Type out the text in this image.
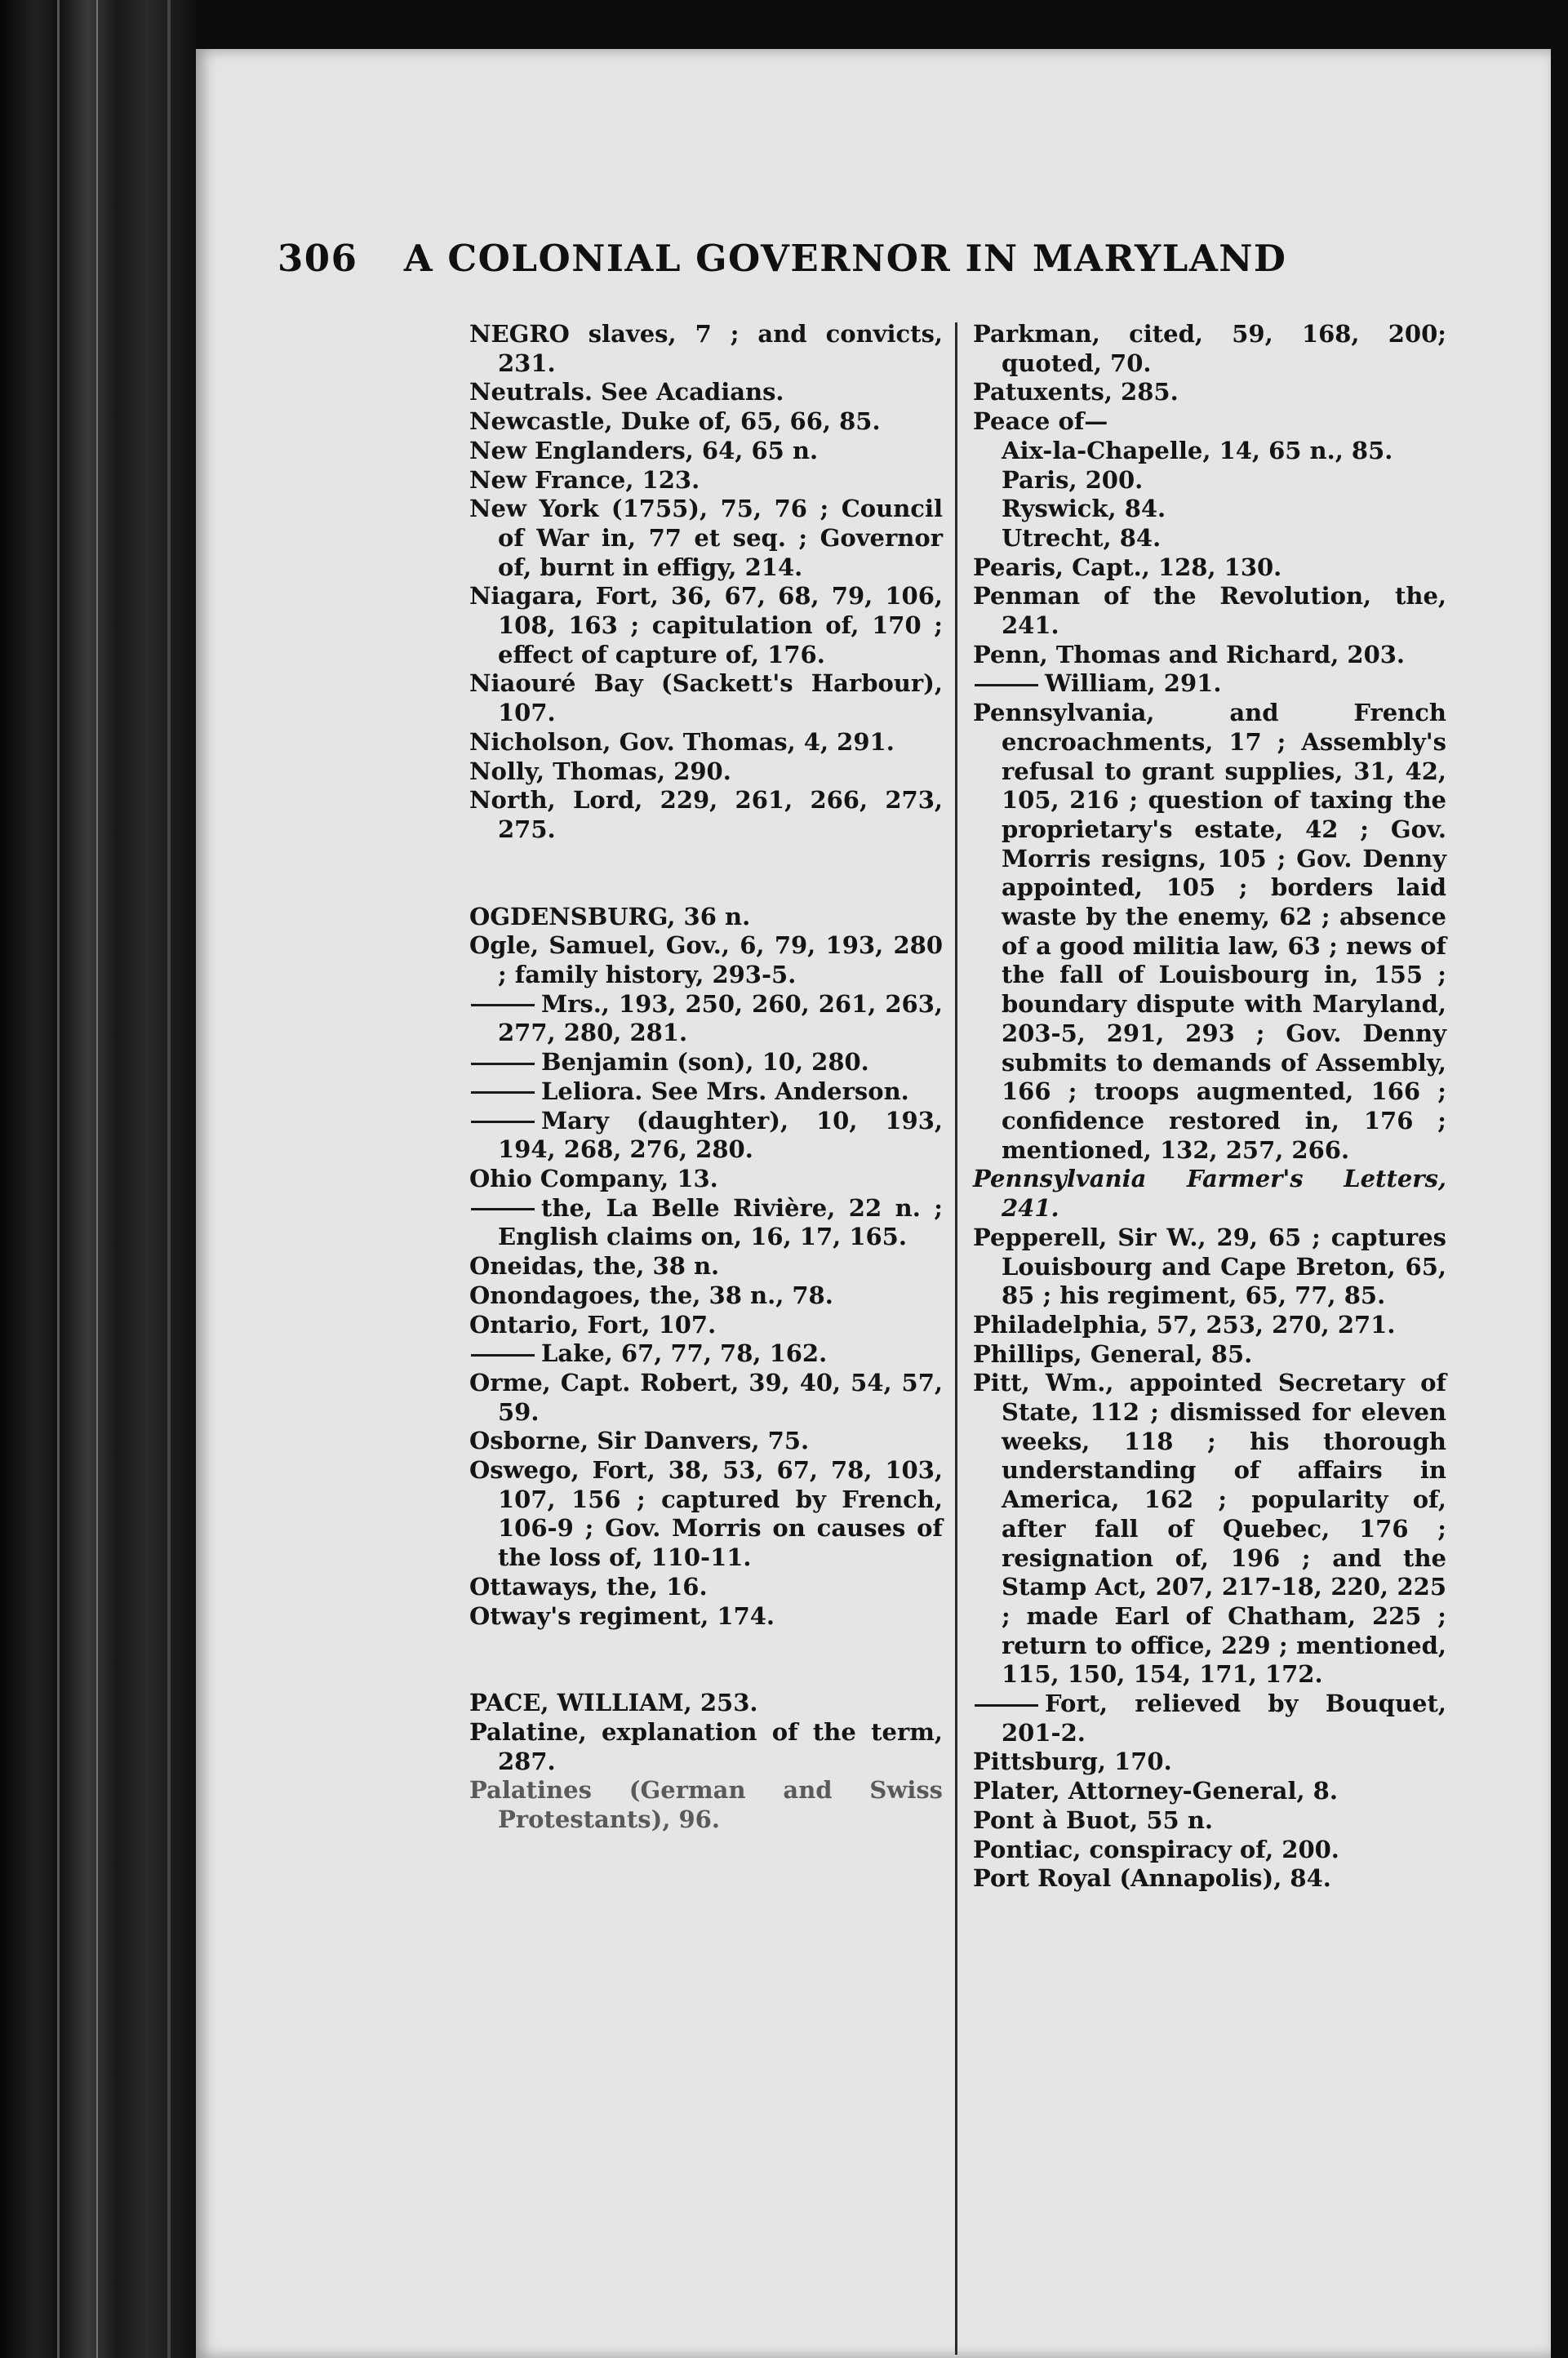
306 A COLONIAL GOVERNOR IN MARYLAND
NEGRO slaves, 7 ; and convicts, 231.
Neutrals. See Acadians.
Newcastle, Duke of, 65, 66, 85.
New Englanders, 64, 65 n.
New France, 123.
New York (1755), 75, 76 ; Council of War in, 77 et seq. ; Governor of, burnt in effigy, 214.
Niagara, Fort, 36, 67, 68, 79, 106, 108, 163 ; capitulation of, 170 ; effect of capture of, 176.
Niaouré Bay (Sackett's Harbour), 107.
Nicholson, Gov. Thomas, 4, 291.
Nolly, Thomas, 290.
North, Lord, 229, 261, 266, 273, 275.
OGDENSBURG, 36 n.
Ogle, Samuel, Gov., 6, 79, 193, 280 ; family history, 293-5.
Mrs., 193, 250, 260, 261, 263, 277, 280, 281.
Benjamin (son), 10, 280.
Leliora. See Mrs. Anderson.
Mary (daughter), 10, 193, 194, 268, 276, 280.
Ohio Company, 13.
the, La Belle Rivière, 22 n. ; English claims on, 16, 17, 165.
Oneidas, the, 38 n.
Onondagoes, the, 38 n., 78.
Ontario, Fort, 107.
Lake, 67, 77, 78, 162.
Orme, Capt. Robert, 39, 40, 54, 57, 59.
Osborne, Sir Danvers, 75.
Oswego, Fort, 38, 53, 67, 78, 103, 107, 156 ; captured by French, 106-9 ; Gov. Morris on causes of the loss of, 110-11.
Ottaways, the, 16.
Otway's regiment, 174.
PACE, WILLIAM, 253.
Palatine, explanation of the term, 287.
Palatines (German and Swiss Protestants), 96.
Parkman, cited, 59, 168, 200; quoted, 70.
Patuxents, 285.
Peace of—
Aix-la-Chapelle, 14, 65 n., 85.
Paris, 200.
Ryswick, 84.
Utrecht, 84.
Pearis, Capt., 128, 130.
Penman of the Revolution, the, 241.
Penn, Thomas and Richard, 203.
William, 291.
Pennsylvania, and French encroachments, 17 ; Assembly's refusal to grant supplies, 31, 42, 105, 216 ; question of taxing the proprietary's estate, 42 ; Gov. Morris resigns, 105 ; Gov. Denny appointed, 105 ; borders laid waste by the enemy, 62 ; absence of a good militia law, 63 ; news of the fall of Louisbourg in, 155 ; boundary dispute with Maryland, 203-5, 291, 293 ; Gov. Denny submits to demands of Assembly, 166 ; troops augmented, 166 ; confidence restored in, 176 ; mentioned, 132, 257, 266.
Pennsylvania Farmer's Letters, 241.
Pepperell, Sir W., 29, 65 ; captures Louisbourg and Cape Breton, 65, 85 ; his regiment, 65, 77, 85.
Philadelphia, 57, 253, 270, 271.
Phillips, General, 85.
Pitt, Wm., appointed Secretary of State, 112 ; dismissed for eleven weeks, 118 ; his thorough understanding of affairs in America, 162 ; popularity of, after fall of Quebec, 176 ; resignation of, 196 ; and the Stamp Act, 207, 217-18, 220, 225 ; made Earl of Chatham, 225 ; return to office, 229 ; mentioned, 115, 150, 154, 171, 172.
Fort, relieved by Bouquet, 201-2.
Pittsburg, 170.
Plater, Attorney-General, 8.
Pont à Buot, 55 n.
Pontiac, conspiracy of, 200.
Port Royal (Annapolis), 84.
